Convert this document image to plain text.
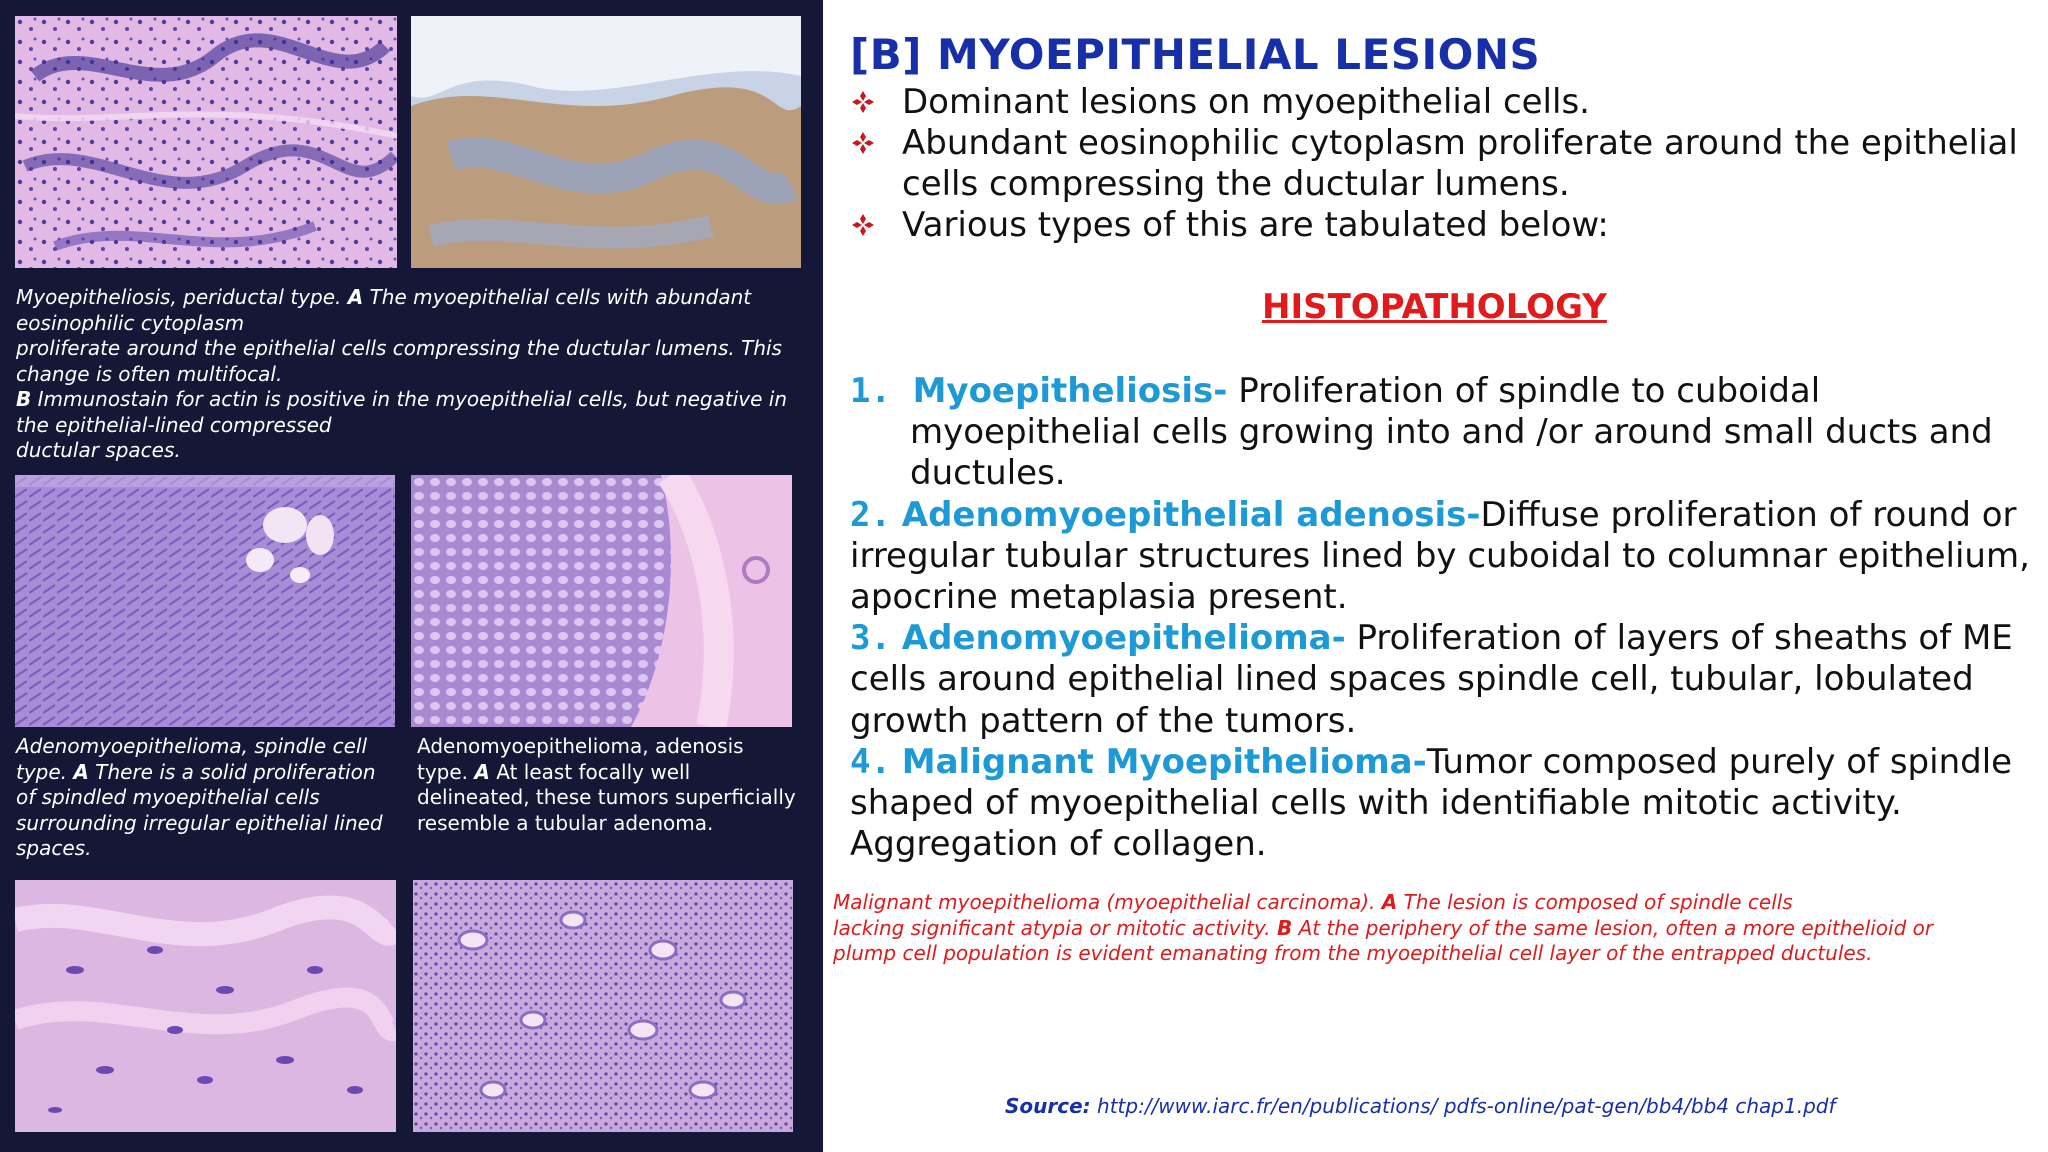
Myoepitheliosis, periductal type. A The myoepithelial cells with abundant eosinophilic cytoplasm

proliferate around the epithelial cells compressing the ductular lumens. This change is often multifocal.

B Immunostain for actin is positive in the myoepithelial cells, but negative in the epithelial-lined compressed

ductular spaces.

Adenomyoepithelioma, spindle cell type. A There is a solid proliferation of spindled myoepithelial cells surrounding irregular epithelial lined spaces.

Adenomyoepithelioma, adenosis type. A At least focally well delineated, these tumors superficially resemble a tubular adenoma.

[B] MYOEPITHELIAL LESIONS
Dominant lesions on myoepithelial cells.
Abundant eosinophilic cytoplasm proliferate around the epithelial cells compressing the ductular lumens.
Various types of this are tabulated below:
HISTOPATHOLOGY
1. Myoepitheliosis- Proliferation of spindle to cuboidal myoepithelial cells growing into and /or around small ducts and ductules.
2. Adenomyoepithelial adenosis-Diffuse proliferation of round or irregular tubular structures lined by cuboidal to columnar epithelium, apocrine metaplasia present.
3. Adenomyoepithelioma- Proliferation of layers of sheaths of ME cells around epithelial lined spaces spindle cell, tubular, lobulated growth pattern of the tumors.
4. Malignant Myoepithelioma-Tumor composed purely of spindle shaped of myoepithelial cells with identifiable mitotic activity. Aggregation of collagen.

Malignant myoepithelioma (myoepithelial carcinoma). A The lesion is composed of spindle cells

lacking significant atypia or mitotic activity. B At the periphery of the same lesion, often a more epithelioid or

plump cell population is evident emanating from the myoepithelial cell layer of the entrapped ductules.

Source: http://www.iarc.fr/en/publications/ pdfs-online/pat-gen/bb4/bb4 chap1.pdf
